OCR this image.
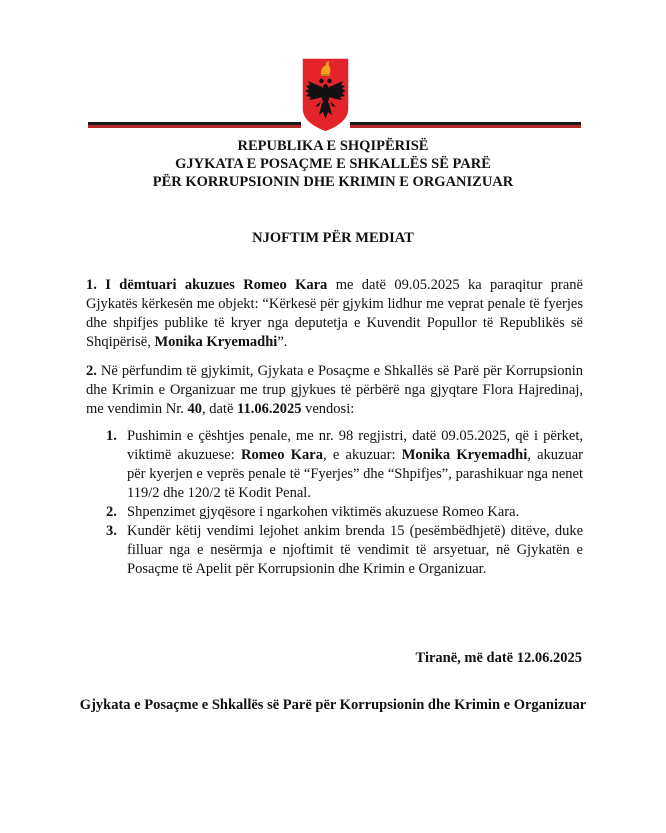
REPUBLIKA E SHQIPËRISË
GJYKATA E POSAÇME E SHKALLËS SË PARË
PËR KORRUPSIONIN DHE KRIMIN E ORGANIZUAR
NJOFTIM PËR MEDIAT
1. I dëmtuari akuzues Romeo Kara me datë 09.05.2025 ka paraqitur pranë Gjykatës kërkesën me objekt: “Kërkesë për gjykim lidhur me veprat penale të fyerjes dhe shpifjes publike të kryer nga deputetja e Kuvendit Popullor të Republikës së Shqipërisë, Monika Kryemadhi”.
2. Në përfundim të gjykimit, Gjykata e Posaçme e Shkallës së Parë për Korrupsionin dhe Krimin e Organizuar me trup gjykues të përbërë nga gjyqtare Flora Hajredinaj, me vendimin Nr. 40, datë 11.06.2025 vendosi:
1. Pushimin e çështjes penale, me nr. 98 regjistri, datë 09.05.2025, që i përket, viktimë akuzuese: Romeo Kara, e akuzuar: Monika Kryemadhi, akuzuar për kyerjen e veprës penale të “Fyerjes” dhe “Shpifjes”, parashikuar nga nenet 119/2 dhe 120/2 të Kodit Penal.
2. Shpenzimet gjyqësore i ngarkohen viktimës akuzuese Romeo Kara.
3. Kundër këtij vendimi lejohet ankim brenda 15 (pesëmbëdhjetë) ditëve, duke filluar nga e nesërmja e njoftimit të vendimit të arsyetuar, në Gjykatën e Posaçme të Apelit për Korrupsionin dhe Krimin e Organizuar.
Tiranë, më datë 12.06.2025
Gjykata e Posaçme e Shkallës së Parë për Korrupsionin dhe Krimin e Organizuar
